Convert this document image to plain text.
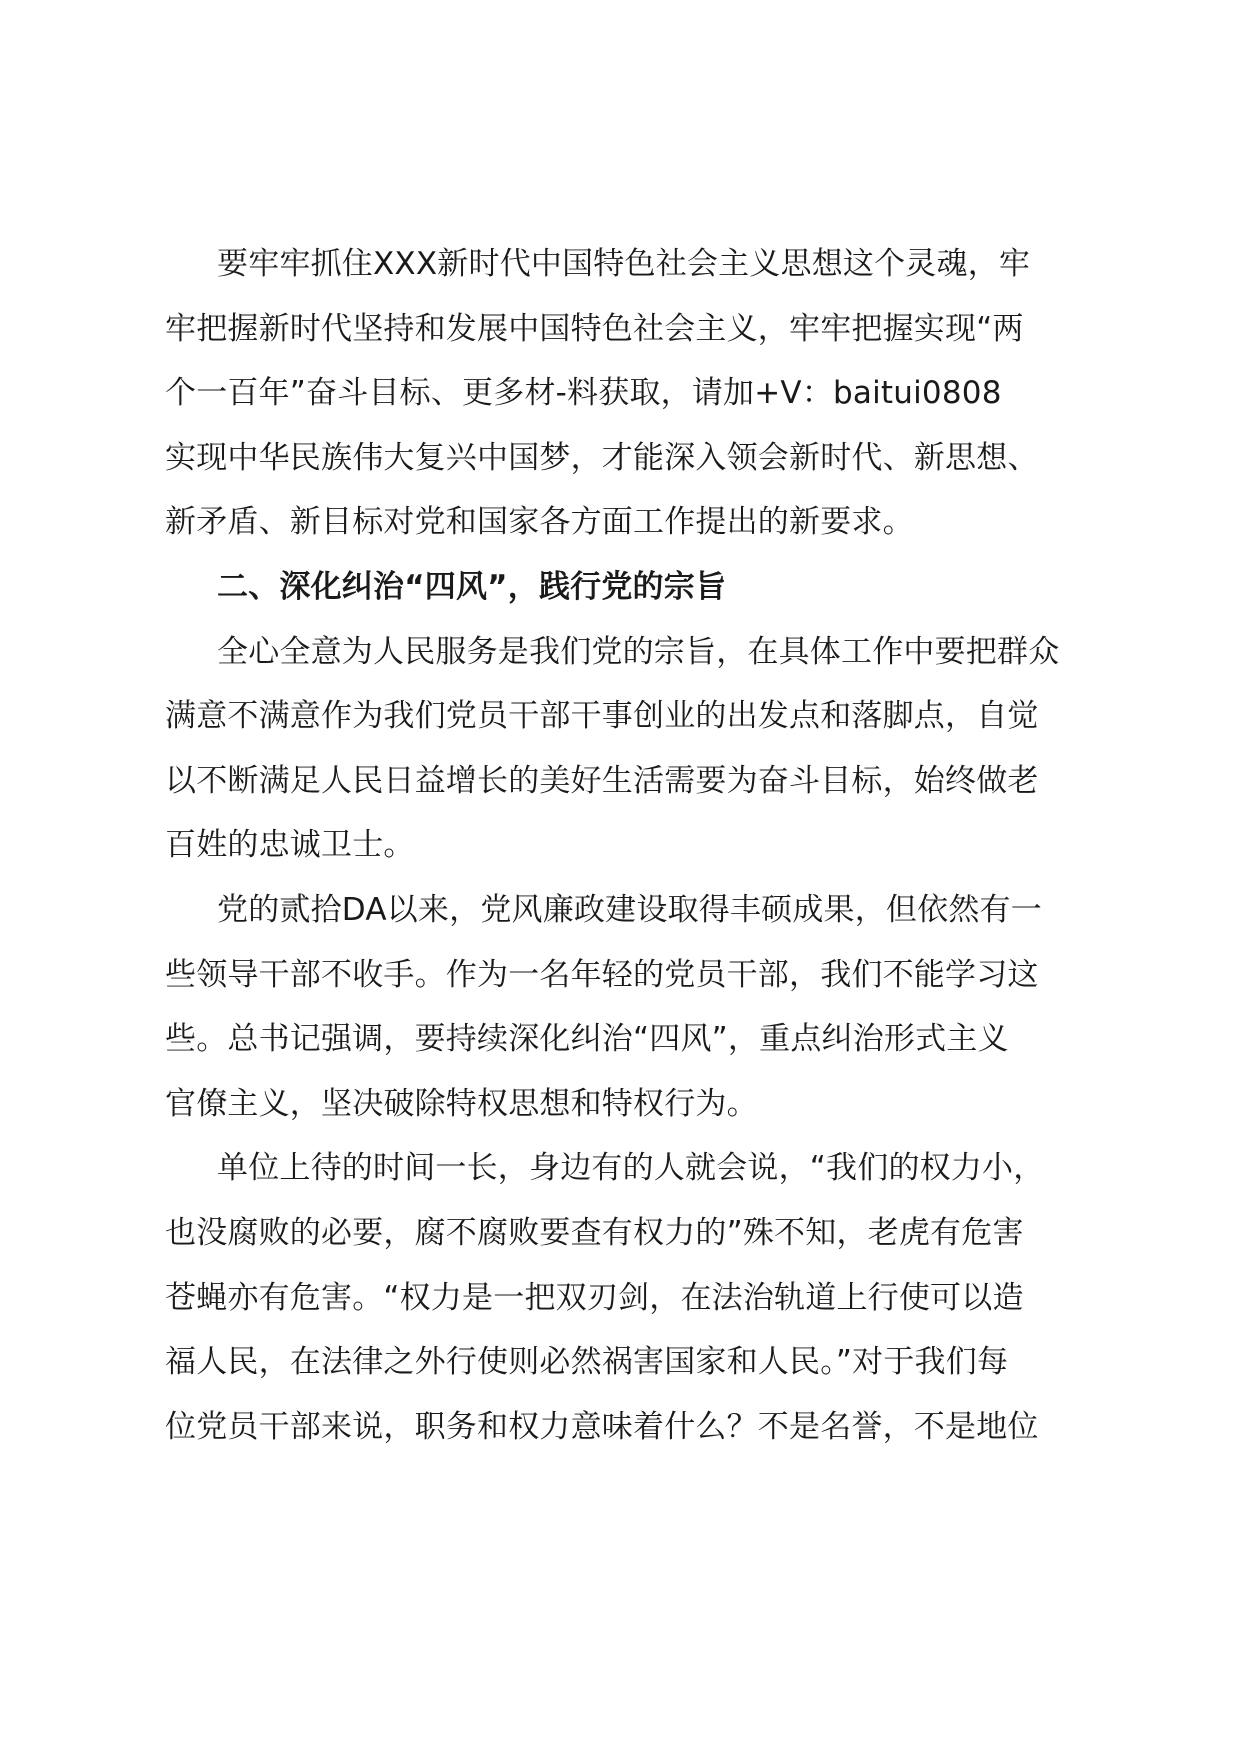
要牢牢抓住XXX新时代中国特色社会主义思想这个灵魂，牢
牢把握新时代坚持和发展中国特色社会主义，牢牢把握实现“两
个一百年”奋斗目标、更多材-料获取，请加+V：baitui0808
实现中华民族伟大复兴中国梦，才能深入领会新时代、新思想、
新矛盾、新目标对党和国家各方面工作提出的新要求。
二、深化纠治“四风”，践行党的宗旨
全心全意为人民服务是我们党的宗旨，在具体工作中要把群众
满意不满意作为我们党员干部干事创业的出发点和落脚点，自觉
以不断满足人民日益增长的美好生活需要为奋斗目标，始终做老
百姓的忠诚卫士。
党的贰拾DA以来，党风廉政建设取得丰硕成果，但依然有一
些领导干部不收手。作为一名年轻的党员干部，我们不能学习这
些。总书记强调，要持续深化纠治“四风”，重点纠治形式主义
官僚主义，坚决破除特权思想和特权行为。
单位上待的时间一长，身边有的人就会说，“我们的权力小，
也没腐败的必要，腐不腐败要查有权力的”殊不知，老虎有危害
苍蝇亦有危害。“权力是一把双刃剑，在法治轨道上行使可以造
福人民，在法律之外行使则必然祸害国家和人民。”对于我们每
位党员干部来说，职务和权力意味着什么？不是名誉，不是地位
